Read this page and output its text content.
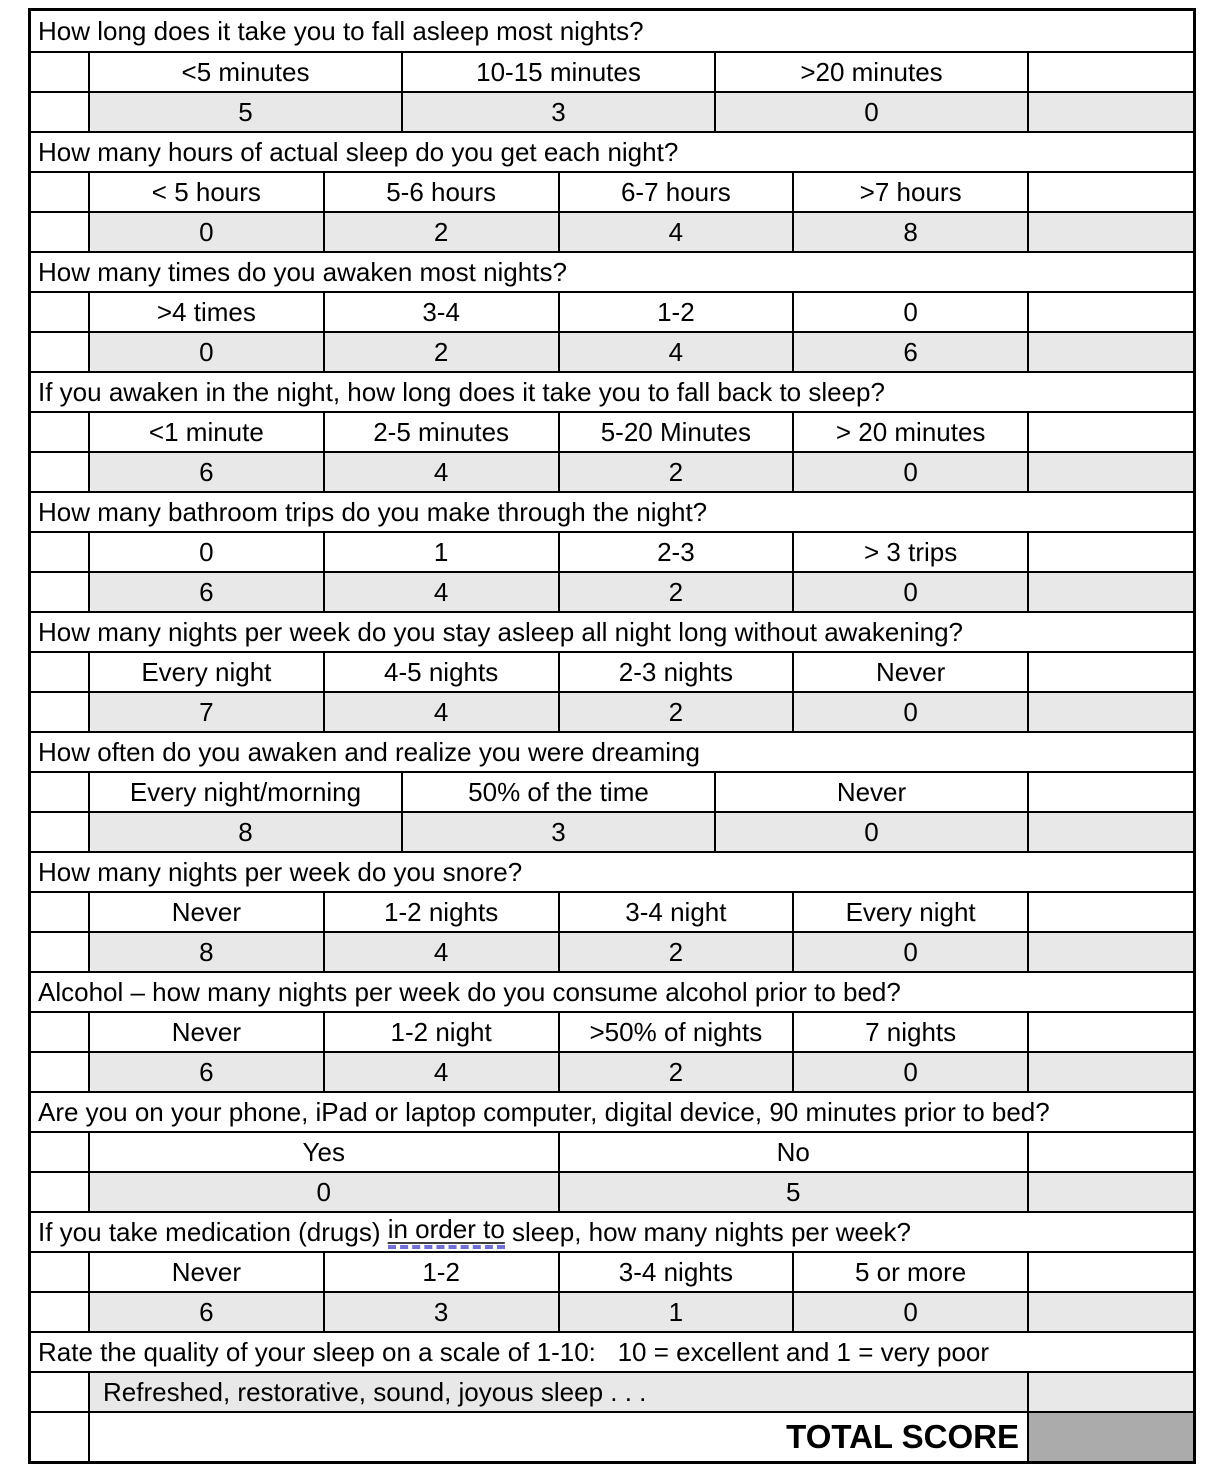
How long does it take you to fall asleep most nights?
<5 minutes	10-15 minutes	>20 minutes
5	3	0
How many hours of actual sleep do you get each night?
< 5 hours	5-6 hours	6-7 hours	>7 hours
0	2	4	8
How many times do you awaken most nights?
>4 times	3-4	1-2	0
0	2	4	6
If you awaken in the night, how long does it take you to fall back to sleep?
<1 minute	2-5 minutes	5-20 Minutes	> 20 minutes
6	4	2	0
How many bathroom trips do you make through the night?
0	1	2-3	> 3 trips
6	4	2	0
How many nights per week do you stay asleep all night long without awakening?
Every night	4-5 nights	2-3 nights	Never
7	4	2	0
How often do you awaken and realize you were dreaming
Every night/morning	50% of the time	Never
8	3	0
How many nights per week do you snore?
Never	1-2 nights	3-4 night	Every night
8	4	2	0
Alcohol – how many nights per week do you consume alcohol prior to bed?
Never	1-2 night	>50% of nights	7 nights
6	4	2	0
Are you on your phone, iPad or laptop computer, digital device, 90 minutes prior to bed?
Yes	No
0	5
If you take medication (drugs) in order to sleep, how many nights per week?
Never	1-2	3-4 nights	5 or more
6	3	1	0
Rate the quality of your sleep on a scale of 1-10:   10 = excellent and 1 = very poor
Refreshed, restorative, sound, joyous sleep . . .
TOTAL SCORE
